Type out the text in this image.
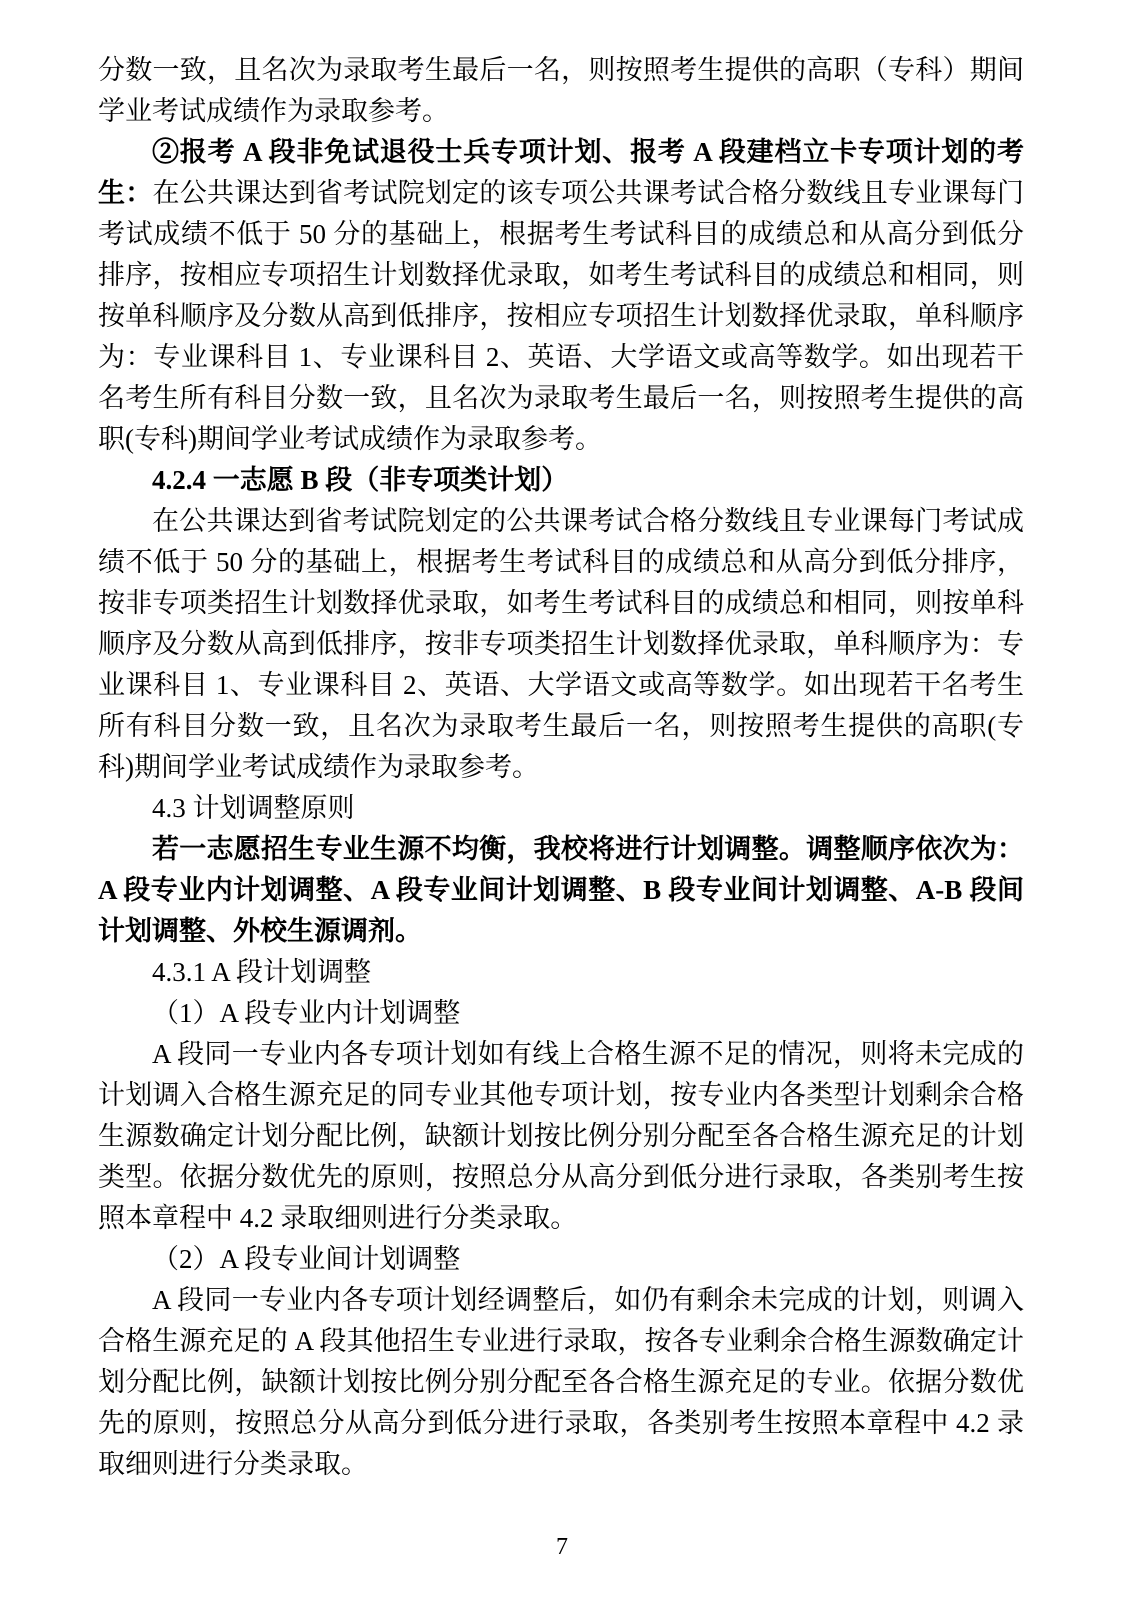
分数一致，且名次为录取考生最后一名，则按照考生提供的高职（专科）期间学业考试成绩作为录取参考。

②报考 A 段非免试退役士兵专项计划、报考 A 段建档立卡专项计划的考生：在公共课达到省考试院划定的该专项公共课考试合格分数线且专业课每门考试成绩不低于 50 分的基础上，根据考生考试科目的成绩总和从高分到低分排序，按相应专项招生计划数择优录取，如考生考试科目的成绩总和相同，则按单科顺序及分数从高到低排序，按相应专项招生计划数择优录取，单科顺序为：专业课科目 1、专业课科目 2、英语、大学语文或高等数学。如出现若干名考生所有科目分数一致，且名次为录取考生最后一名，则按照考生提供的高职(专科)期间学业考试成绩作为录取参考。

4.2.4 一志愿 B 段（非专项类计划）

在公共课达到省考试院划定的公共课考试合格分数线且专业课每门考试成绩不低于 50 分的基础上，根据考生考试科目的成绩总和从高分到低分排序，按非专项类招生计划数择优录取，如考生考试科目的成绩总和相同，则按单科顺序及分数从高到低排序，按非专项类招生计划数择优录取，单科顺序为：专业课科目 1、专业课科目 2、英语、大学语文或高等数学。如出现若干名考生所有科目分数一致，且名次为录取考生最后一名，则按照考生提供的高职(专科)期间学业考试成绩作为录取参考。

4.3 计划调整原则

若一志愿招生专业生源不均衡，我校将进行计划调整。调整顺序依次为：A 段专业内计划调整、A 段专业间计划调整、B 段专业间计划调整、A-B 段间计划调整、外校生源调剂。

4.3.1 A 段计划调整

（1）A 段专业内计划调整

A 段同一专业内各专项计划如有线上合格生源不足的情况，则将未完成的计划调入合格生源充足的同专业其他专项计划，按专业内各类型计划剩余合格生源数确定计划分配比例，缺额计划按比例分别分配至各合格生源充足的计划类型。依据分数优先的原则，按照总分从高分到低分进行录取，各类别考生按照本章程中 4.2 录取细则进行分类录取。

（2）A 段专业间计划调整

A 段同一专业内各专项计划经调整后，如仍有剩余未完成的计划，则调入合格生源充足的 A 段其他招生专业进行录取，按各专业剩余合格生源数确定计划分配比例，缺额计划按比例分别分配至各合格生源充足的专业。依据分数优先的原则，按照总分从高分到低分进行录取，各类别考生按照本章程中 4.2 录取细则进行分类录取。

7
